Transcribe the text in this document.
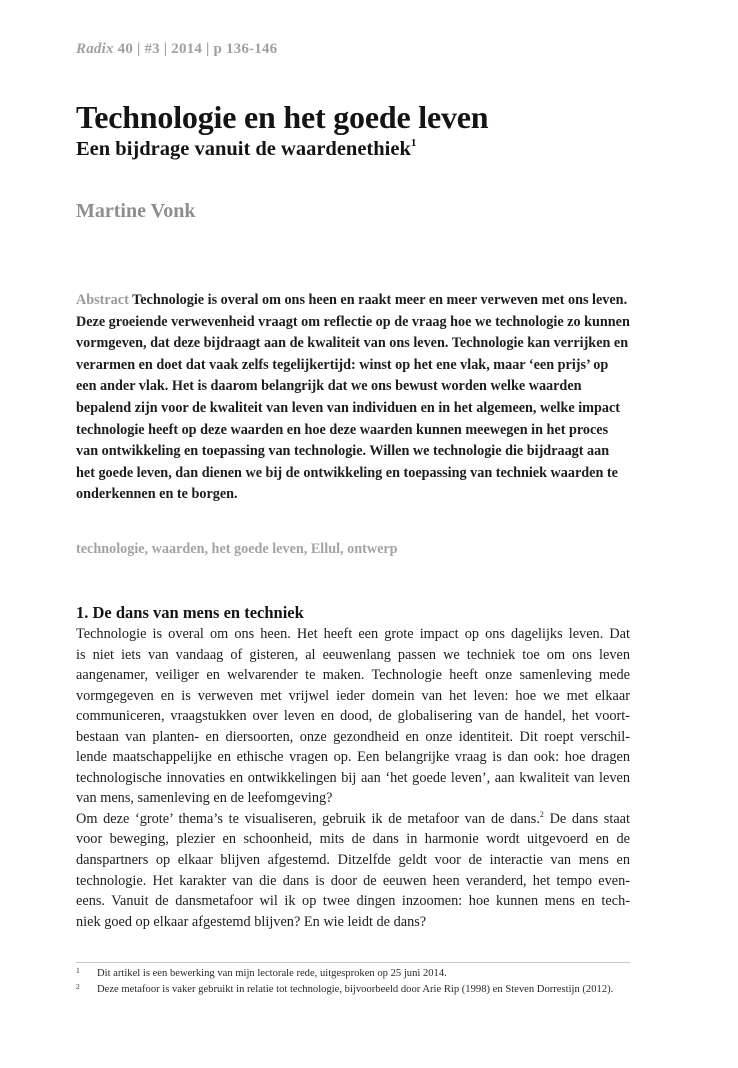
Radix 40 | #3 | 2014 | p 136-146
Technologie en het goede leven
Een bijdrage vanuit de waardenethiek$^1$
Martine Vonk

Abstract Technologie is overal om ons heen en raakt meer en meer verweven met ons leven. Deze groeiende verwevenheid vraagt om reflectie op de vraag hoe we technologie zo kunnen vormgeven, dat deze bijdraagt aan de kwaliteit van ons leven. Technologie kan verrijken en verarmen en doet dat vaak zelfs tegelijkertijd: winst op het ene vlak, maar ‘een prijs’ op een ander vlak. Het is daarom belangrijk dat we ons bewust worden welke waarden bepalend zijn voor de kwaliteit van leven van individuen en in het algemeen, welke impact technologie heeft op deze waarden en hoe deze waarden kunnen meewegen in het proces van ontwikkeling en toepassing van technologie. Willen we technologie die bijdraagt aan het goede leven, dan dienen we bij de ontwikkeling en toepassing van techniek waarden te onderkennen en te borgen.

technologie, waarden, het goede leven, Ellul, ontwerp
1. De dans van mens en techniek

Technologie is overal om ons heen. Het heeft een grote impact op ons dagelijks leven. Dat
is niet iets van vandaag of gisteren, al eeuwenlang passen we techniek toe om ons leven
aangenamer, veiliger en welvarender te maken. Technologie heeft onze samenleving mede
vormgegeven en is verweven met vrijwel ieder domein van het leven: hoe we met elkaar
communiceren, vraagstukken over leven en dood, de globalisering van de handel, het voort-
bestaan van planten- en diersoorten, onze gezondheid en onze identiteit. Dit roept verschil-
lende maatschappelijke en ethische vragen op. Een belangrijke vraag is dan ook: hoe dragen
technologische innovaties en ontwikkelingen bij aan ‘het goede leven’, aan kwaliteit van leven
van mens, samenleving en de leefomgeving?

Om deze ‘grote’ thema’s te visualiseren, gebruik ik de metafoor van de dans.$^2$ De dans staat
voor beweging, plezier en schoonheid, mits de dans in harmonie wordt uitgevoerd en de
danspartners op elkaar blijven afgestemd. Ditzelfde geldt voor de interactie van mens en
technologie. Het karakter van die dans is door de eeuwen heen veranderd, het tempo even-
eens. Vanuit de dansmetafoor wil ik op twee dingen inzoomen: hoe kunnen mens en tech-
niek goed op elkaar afgestemd blijven? En wie leidt de dans?

1 Dit artikel is een bewerking van mijn lectorale rede, uitgesproken op 25 juni 2014.
2 Deze metafoor is vaker gebruikt in relatie tot technologie, bijvoorbeeld door Arie Rip (1998) en Steven Dorrestijn (2012).
